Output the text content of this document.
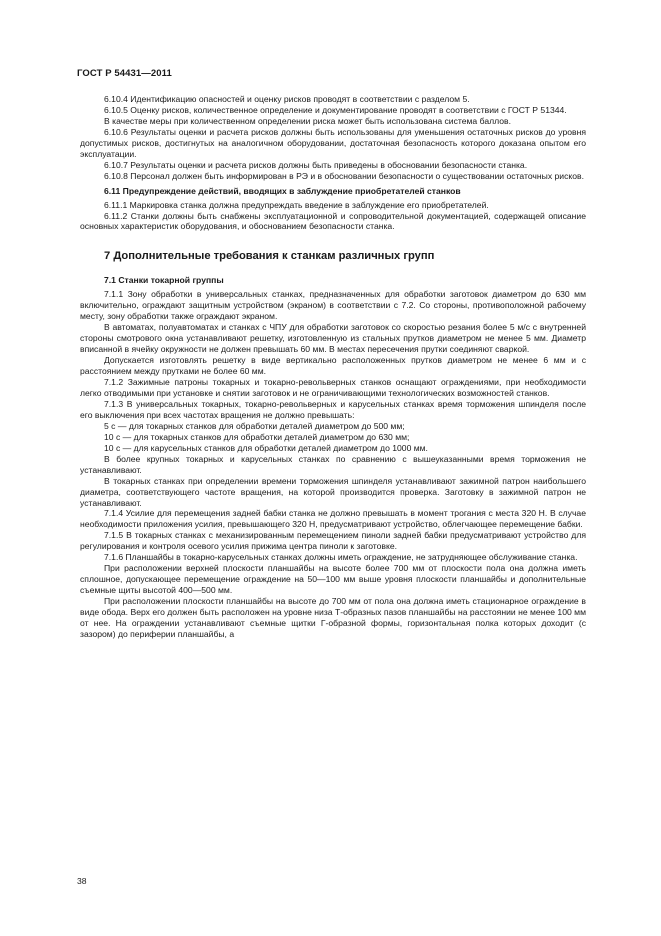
ГОСТ Р 54431—2011

6.10.4 Идентификацию опасностей и оценку рисков проводят в соответствии с разделом 5.

6.10.5 Оценку рисков, количественное определение и документирование проводят в соответствии с ГОСТ Р 51344.

В качестве меры при количественном определении риска может быть использована система баллов.

6.10.6 Результаты оценки и расчета рисков должны быть использованы для уменьшения остаточных рисков до уровня допустимых рисков, достигнутых на аналогичном оборудовании, достаточная безопасность которого доказана опытом его эксплуатации.

6.10.7 Результаты оценки и расчета рисков должны быть приведены в обосновании безопасности станка.

6.10.8 Персонал должен быть информирован в РЭ и в обосновании безопасности о существовании остаточных рисков.

6.11 Предупреждение действий, вводящих в заблуждение приобретателей станков

6.11.1 Маркировка станка должна предупреждать введение в заблуждение его приобретателей.

6.11.2 Станки должны быть снабжены эксплуатационной и сопроводительной документацией, содержащей описание основных характеристик оборудования, и обоснованием безопасности станка.

7 Дополнительные требования к станкам различных групп

7.1 Станки токарной группы

7.1.1 Зону обработки в универсальных станках, предназначенных для обработки заготовок диаметром до 630 мм включительно, ограждают защитным устройством (экраном) в соответствии с 7.2. Со стороны, противоположной рабочему месту, зону обработки также ограждают экраном.

В автоматах, полуавтоматах и станках с ЧПУ для обработки заготовок со скоростью резания более 5 м/с с внутренней стороны смотрового окна устанавливают решетку, изготовленную из стальных прутков диаметром не менее 5 мм. Диаметр вписанной в ячейку окружности не должен превышать 60 мм. В местах пересечения прутки соединяют сваркой.

Допускается изготовлять решетку в виде вертикально расположенных прутков диаметром не менее 6 мм и с расстоянием между прутками не более 60 мм.

7.1.2 Зажимные патроны токарных и токарно-револьверных станков оснащают ограждениями, при необходимости легко отводимыми при установке и снятии заготовок и не ограничивающими технологических возможностей станков.

7.1.3 В универсальных токарных, токарно-револьверных и карусельных станках время торможения шпинделя после его выключения при всех частотах вращения не должно превышать:

5 с — для токарных станков для обработки деталей диаметром до 500 мм;

10 с — для токарных станков для обработки деталей диаметром до 630 мм;

10 с — для карусельных станков для обработки деталей диаметром до 1000 мм.

В более крупных токарных и карусельных станках по сравнению с вышеуказанными время торможения не устанавливают.

В токарных станках при определении времени торможения шпинделя устанавливают зажимной патрон наибольшего диаметра, соответствующего частоте вращения, на которой производится проверка. Заготовку в зажимной патрон не устанавливают.

7.1.4 Усилие для перемещения задней бабки станка не должно превышать в момент трогания с места 320 Н. В случае необходимости приложения усилия, превышающего 320 Н, предусматривают устройство, облегчающее перемещение бабки.

7.1.5 В токарных станках с механизированным перемещением пиноли задней бабки предусматривают устройство для регулирования и контроля осевого усилия прижима центра пиноли к заготовке.

7.1.6 Планшайбы в токарно-карусельных станках должны иметь ограждение, не затрудняющее обслуживание станка.

При расположении верхней плоскости планшайбы на высоте более 700 мм от плоскости пола она должна иметь сплошное, допускающее перемещение ограждение на 50—100 мм выше уровня плоскости планшайбы и дополнительные съемные щиты высотой 400—500 мм.

При расположении плоскости планшайбы на высоте до 700 мм от пола она должна иметь стационарное ограждение в виде обода. Верх его должен быть расположен на уровне низа Т-образных пазов планшайбы на расстоянии не менее 100 мм от нее. На ограждении устанавливают съемные щитки Г-образной формы, горизонтальная полка которых доходит (с зазором) до периферии планшайбы, а

38
